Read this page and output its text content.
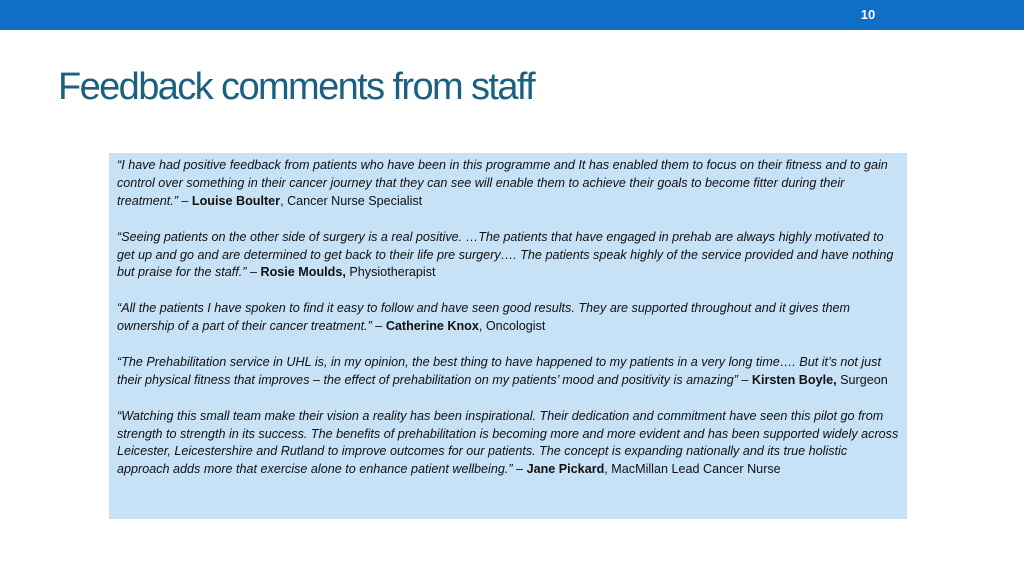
10
Feedback comments from staff

“I have had positive feedback from patients who have been in this programme and It has enabled them to focus on their fitness and to gain control over something in their cancer journey that they can see will enable them to achieve their goals to become fitter during their treatment.” – Louise Boulter, Cancer Nurse Specialist

“Seeing patients on the other side of surgery is a real positive. …The patients that have engaged in prehab are always highly motivated to get up and go and are determined to get back to their life pre surgery…. The patients speak highly of the service provided and have nothing but praise for the staff.” – Rosie Moulds, Physiotherapist

“All the patients I have spoken to find it easy to follow and have seen good results. They are supported throughout and it gives them ownership of a part of their cancer treatment.” – Catherine Knox, Oncologist

“The Prehabilitation service in UHL is, in my opinion, the best thing to have happened to my patients in a very long time…. But it’s not just their physical fitness that improves – the effect of prehabilitation on my patients’ mood and positivity is amazing” – Kirsten Boyle, Surgeon

“Watching this small team make their vision a reality has been inspirational. Their dedication and commitment have seen this pilot go from strength to strength in its success. The benefits of prehabilitation is becoming more and more evident and has been supported widely across Leicester, Leicestershire and Rutland to improve outcomes for our patients. The concept is expanding nationally and its true holistic approach adds more that exercise alone to enhance patient wellbeing.” – Jane Pickard, MacMillan Lead Cancer Nurse
